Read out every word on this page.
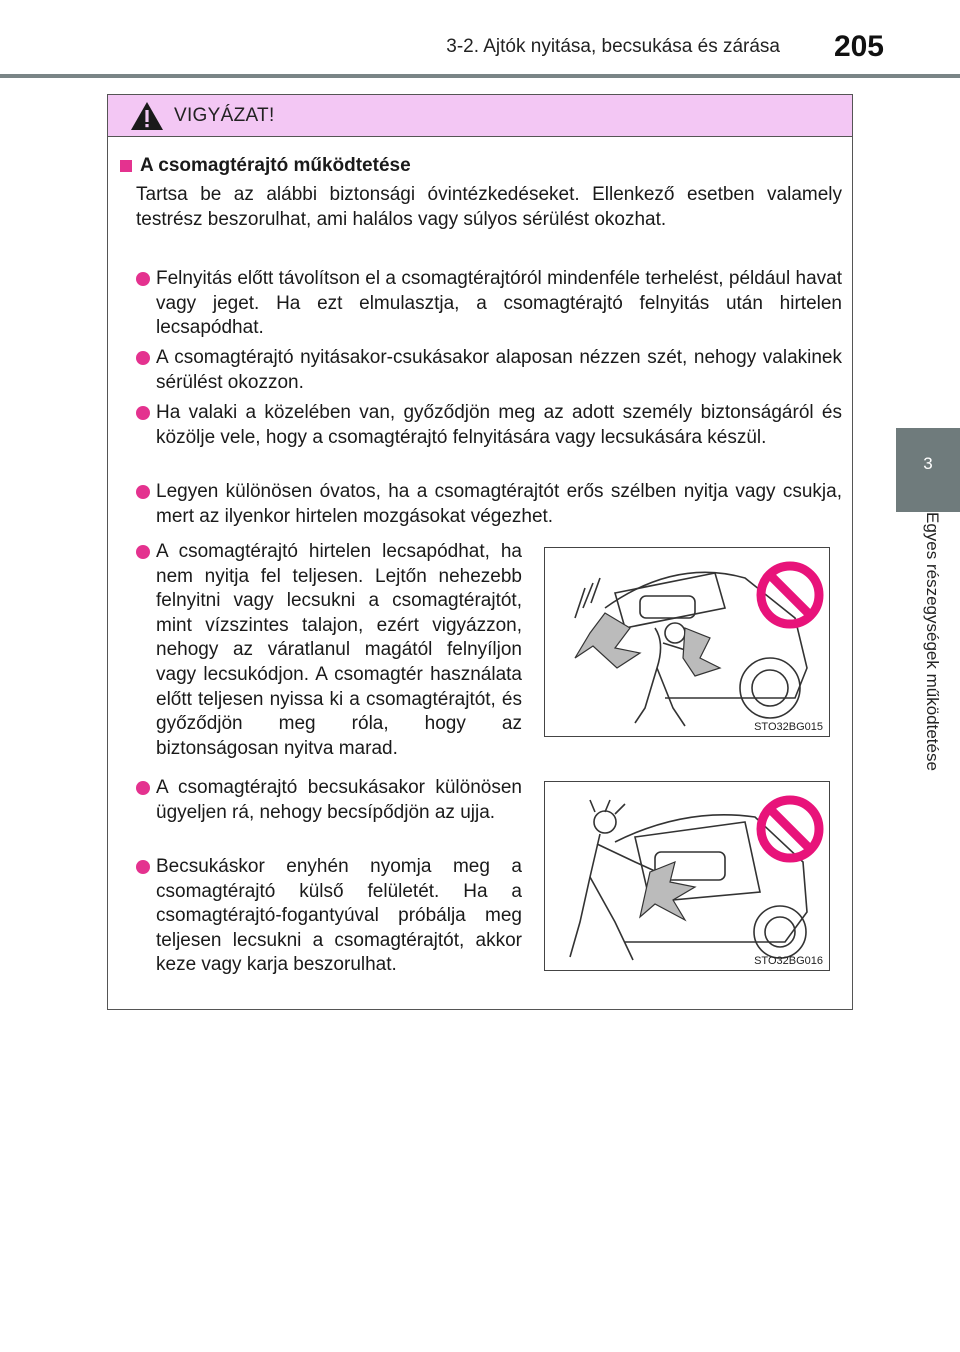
3-2. Ajtók nyitása, becsukása és zárása	205
3
Egyes részegységek működtetése
VIGYÁZAT!
A csomagtérajtó működtetése
Tartsa be az alábbi biztonsági óvintézkedéseket. Ellenkező esetben valamely testrész beszorulhat, ami halálos vagy súlyos sérülést okozhat.
Felnyitás előtt távolítson el a csomagtérajtóról mindenféle terhelést, például havat vagy jeget. Ha ezt elmulasztja, a csomagtérajtó felnyitás után hirtelen lecsapódhat.
A csomagtérajtó nyitásakor-csukásakor alaposan nézzen szét, nehogy valakinek sérülést okozzon.
Ha valaki a közelében van, győződjön meg az adott személy biztonságáról és közölje vele, hogy a csomagtérajtó felnyitására vagy lecsukására készül.
Legyen különösen óvatos, ha a csomagtérajtót erős szélben nyitja vagy csukja, mert az ilyenkor hirtelen mozgásokat végezhet.
A csomagtérajtó hirtelen lecsapódhat, ha nem nyitja fel teljesen. Lejtőn nehezebb felnyitni vagy lecsukni a csomagtérajtót, mint vízszintes talajon, ezért vigyázzon, nehogy az váratlanul magától felnyíljon vagy lecsukódjon. A csomagtér használata előtt teljesen nyissa ki a csomagtérajtót, és győződjön meg róla, hogy az biztonságosan nyitva marad.
A csomagtérajtó becsukásakor különösen ügyeljen rá, nehogy becsípődjön az ujja.
Becsukáskor enyhén nyomja meg a csomagtérajtó külső felületét. Ha a csomagtérajtó-fogantyúval próbálja meg teljesen lecsukni a csomagtérajtót, akkor keze vagy karja beszorulhat.
STO32BG015
STO32BG016
